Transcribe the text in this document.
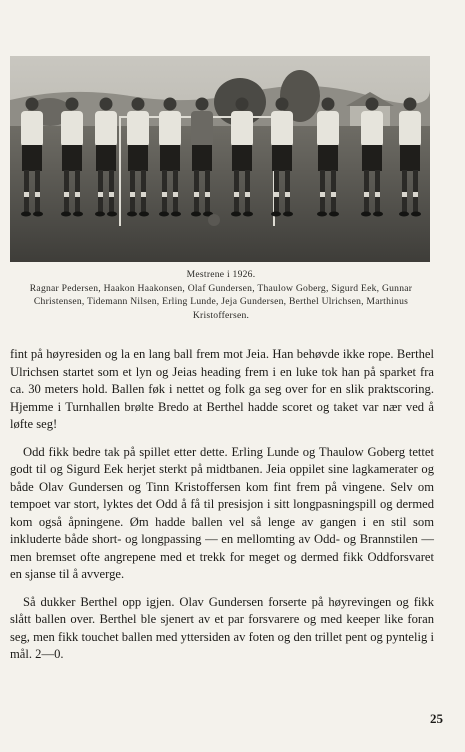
Mestrene i 1926.
Ragnar Pedersen, Haakon Haakonsen, Olaf Gundersen, Thaulow Goberg, Sigurd Eek, Gunnar Christensen, Tidemann Nilsen, Erling Lunde, Jeja Gundersen, Berthel Ulrichsen, Marthinus Kristoffersen.

fint på høyresiden og la en lang ball frem mot Jeia. Han behøvde ikke rope. Berthel Ulrichsen startet som et lyn og Jeias heading frem i en luke tok han på sparket fra ca. 30 meters hold. Ballen føk i nettet og folk ga seg over for en slik praktscoring. Hjemme i Turnhallen brølte Bredo at Berthel hadde scoret og taket var nær ved å løfte seg!

Odd fikk bedre tak på spillet etter dette. Erling Lunde og Thaulow Goberg tettet godt til og Sigurd Eek herjet sterkt på midtbanen. Jeia oppilet sine lagkamerater og både Olav Gundersen og Tinn Kristoffersen kom fint frem på vingene. Selv om tempoet var stort, lyktes det Odd å få til presisjon i sitt longpasningspill og dermed kom også åpningene. Øm hadde ballen vel så lenge av gangen i en stil som inkluderte både short- og longpassing — en mellomting av Odd- og Brannstilen — men bremset ofte angrepene med et trekk for meget og dermed fikk Oddforsvaret en sjanse til å avverge.

Så dukker Berthel opp igjen. Olav Gundersen forserte på høyrevingen og fikk slått ballen over. Berthel ble sjenert av et par forsvarere og med keeper like foran seg, men fikk touchet ballen med yttersiden av foten og den trillet pent og pyntelig i mål. 2—0.

25
